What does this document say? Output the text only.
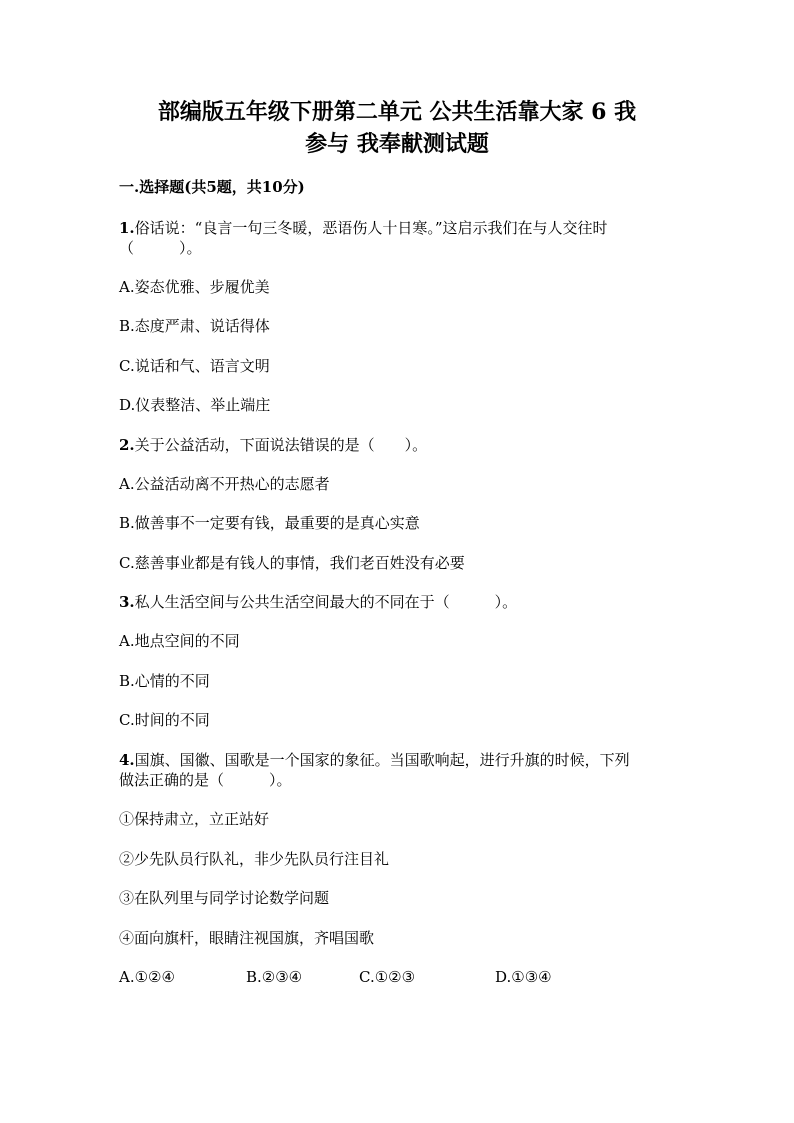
部编版五年级下册第二单元 公共生活靠大家 6 我
参与 我奉献测试题
一.选择题(共5题，共10分)
1.俗话说：“良言一句三冬暖，恶语伤人十日寒。”这启示我们在与人交往时
（　　　）。
A.姿态优雅、步履优美
B.态度严肃、说话得体
C.说话和气、语言文明
D.仪表整洁、举止端庄
2.关于公益活动，下面说法错误的是（　　）。
A.公益活动离不开热心的志愿者
B.做善事不一定要有钱，最重要的是真心实意
C.慈善事业都是有钱人的事情，我们老百姓没有必要
3.私人生活空间与公共生活空间最大的不同在于（　　　）。
A.地点空间的不同
B.心情的不同
C.时间的不同
4.国旗、国徽、国歌是一个国家的象征。当国歌响起，进行升旗的时候，下列
做法正确的是（　　　）。
①保持肃立，立正站好
②少先队员行队礼，非少先队员行注目礼
③在队列里与同学讨论数学问题
④面向旗杆，眼睛注视国旗，齐唱国歌
A.①②④	B.②③④	C.①②③	D.①③④
